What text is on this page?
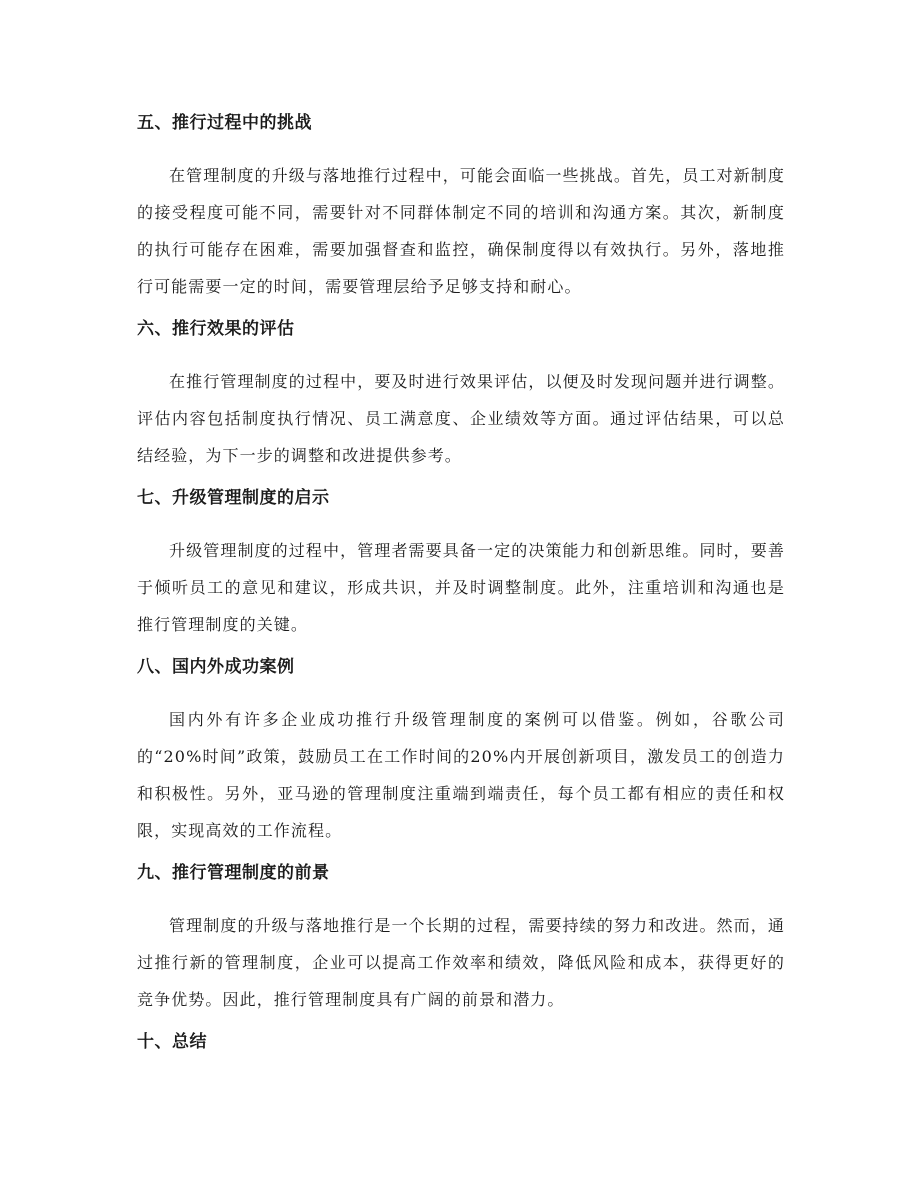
五、推行过程中的挑战

在管理制度的升级与落地推行过程中，可能会面临一些挑战。首先，员工对新制度的接受程度可能不同，需要针对不同群体制定不同的培训和沟通方案。其次，新制度的执行可能存在困难，需要加强督查和监控，确保制度得以有效执行。另外，落地推行可能需要一定的时间，需要管理层给予足够支持和耐心。

六、推行效果的评估

在推行管理制度的过程中，要及时进行效果评估，以便及时发现问题并进行调整。评估内容包括制度执行情况、员工满意度、企业绩效等方面。通过评估结果，可以总结经验，为下一步的调整和改进提供参考。

七、升级管理制度的启示

升级管理制度的过程中，管理者需要具备一定的决策能力和创新思维。同时，要善于倾听员工的意见和建议，形成共识，并及时调整制度。此外，注重培训和沟通也是推行管理制度的关键。

八、国内外成功案例

国内外有许多企业成功推行升级管理制度的案例可以借鉴。例如，谷歌公司的“20%时间”政策，鼓励员工在工作时间的20%内开展创新项目，激发员工的创造力和积极性。另外，亚马逊的管理制度注重端到端责任，每个员工都有相应的责任和权限，实现高效的工作流程。

九、推行管理制度的前景

管理制度的升级与落地推行是一个长期的过程，需要持续的努力和改进。然而，通过推行新的管理制度，企业可以提高工作效率和绩效，降低风险和成本，获得更好的竞争优势。因此，推行管理制度具有广阔的前景和潜力。

十、总结
